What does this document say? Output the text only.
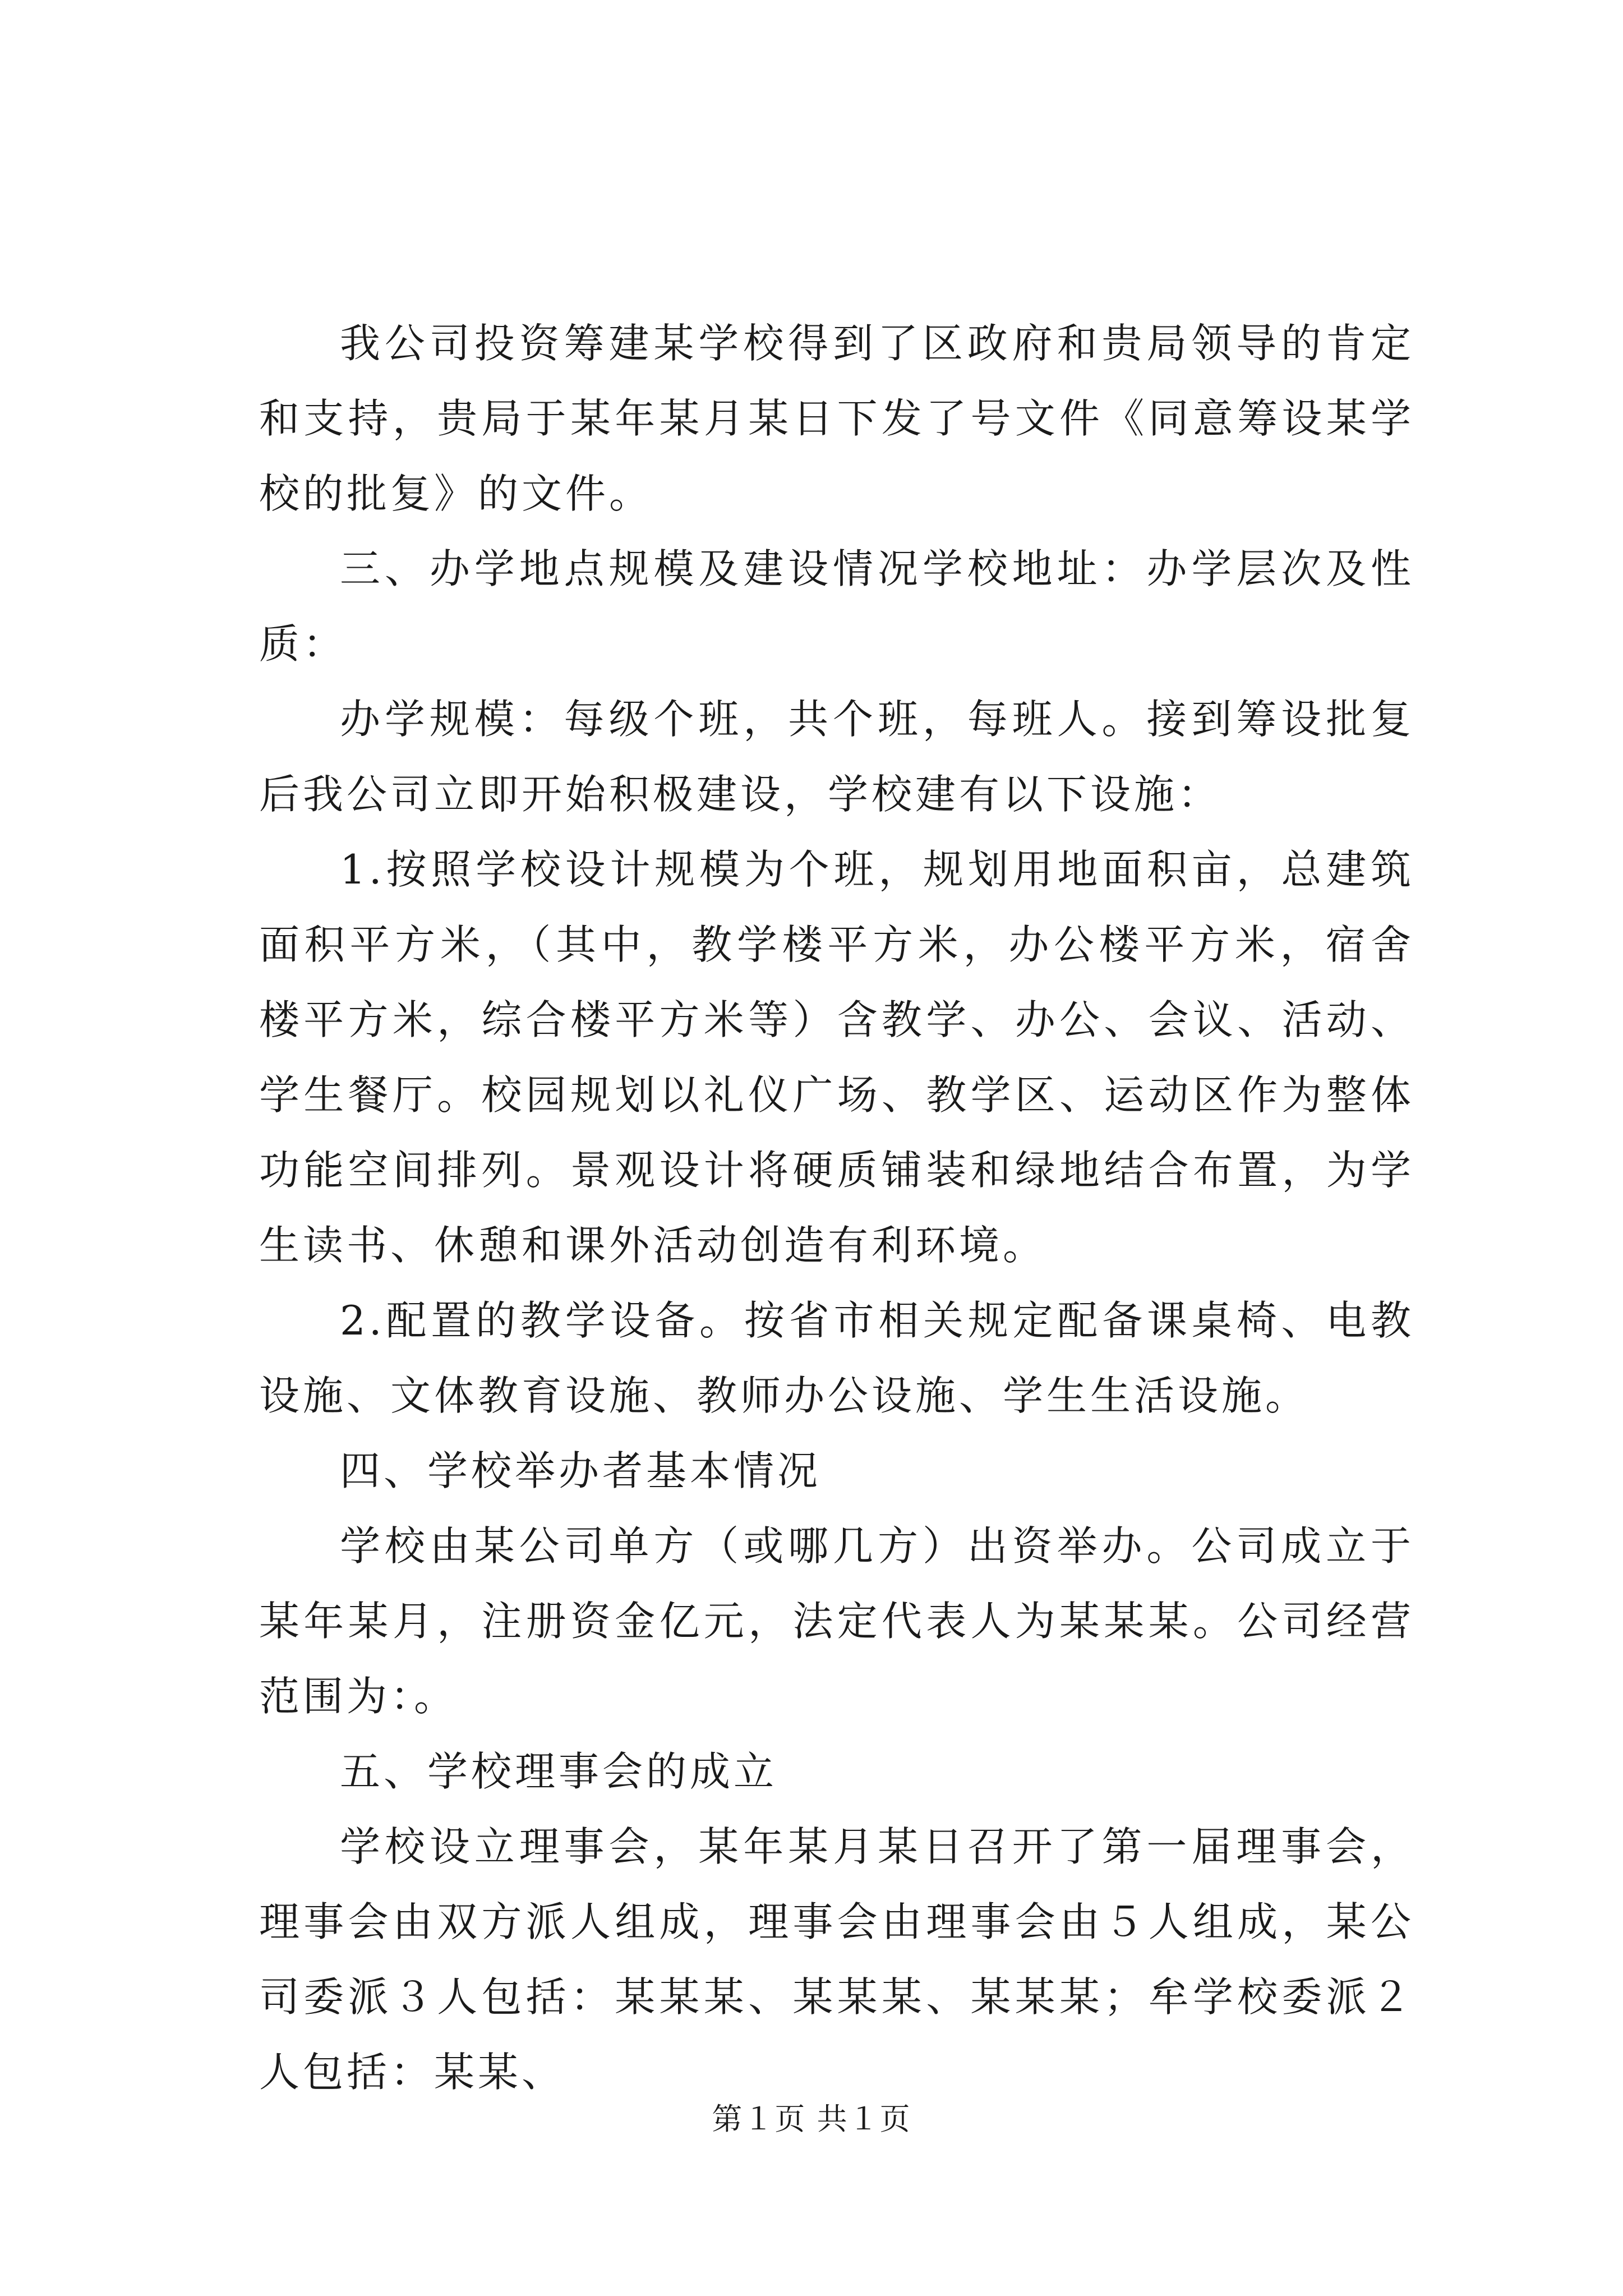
我公司投资筹建某学校得到了区政府和贵局领导的肯定和支持，贵局于某年某月某日下发了号文件《同意筹设某学校的批复》的文件。

三、办学地点规模及建设情况学校地址：办学层次及性质：

办学规模：每级个班，共个班，每班人。接到筹设批复后我公司立即开始积极建设，学校建有以下设施：

1.按照学校设计规模为个班，规划用地面积亩，总建筑面积平方米，（其中，教学楼平方米，办公楼平方米，宿舍楼平方米，综合楼平方米等）含教学、办公、会议、活动、学生餐厅。校园规划以礼仪广场、教学区、运动区作为整体功能空间排列。景观设计将硬质铺装和绿地结合布置，为学生读书、休憩和课外活动创造有利环境。

2.配置的教学设备。按省市相关规定配备课桌椅、电教设施、文体教育设施、教师办公设施、学生生活设施。

四、学校举办者基本情况

学校由某公司单方（或哪几方）出资举办。公司成立于某年某月，注册资金亿元，法定代表人为某某某。公司经营范围为：。

五、学校理事会的成立

学校设立理事会，某年某月某日召开了第一届理事会，理事会由双方派人组成，理事会由理事会由５人组成，某公司委派３人包括：某某某、某某某、某某某；牟学校委派２人包括：某某、

第１页 共１页
